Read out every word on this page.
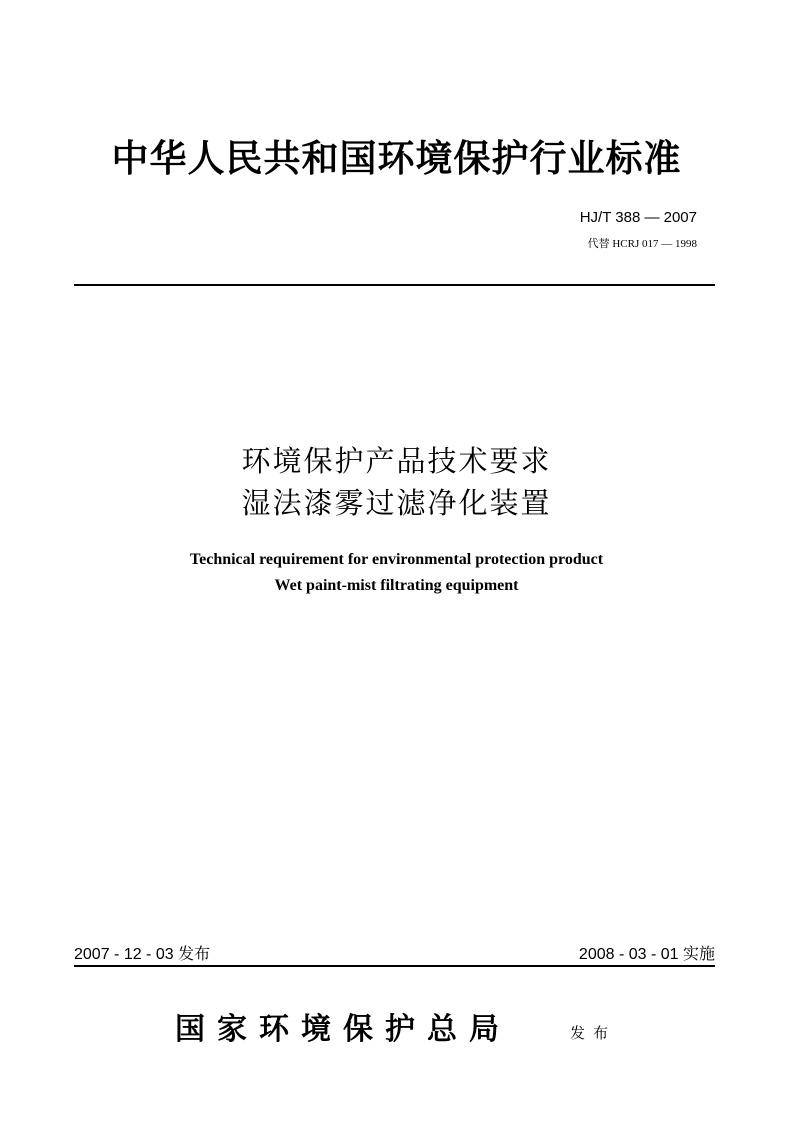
中华人民共和国环境保护行业标准
HJ/T 388 — 2007
代替 HCRJ 017 — 1998
环境保护产品技术要求
湿法漆雾过滤净化装置
Technical requirement for environmental protection product
Wet paint-mist filtrating equipment
2007 - 12 - 03 发布	2008 - 03 - 01 实施
国家环境保护总局	发布
